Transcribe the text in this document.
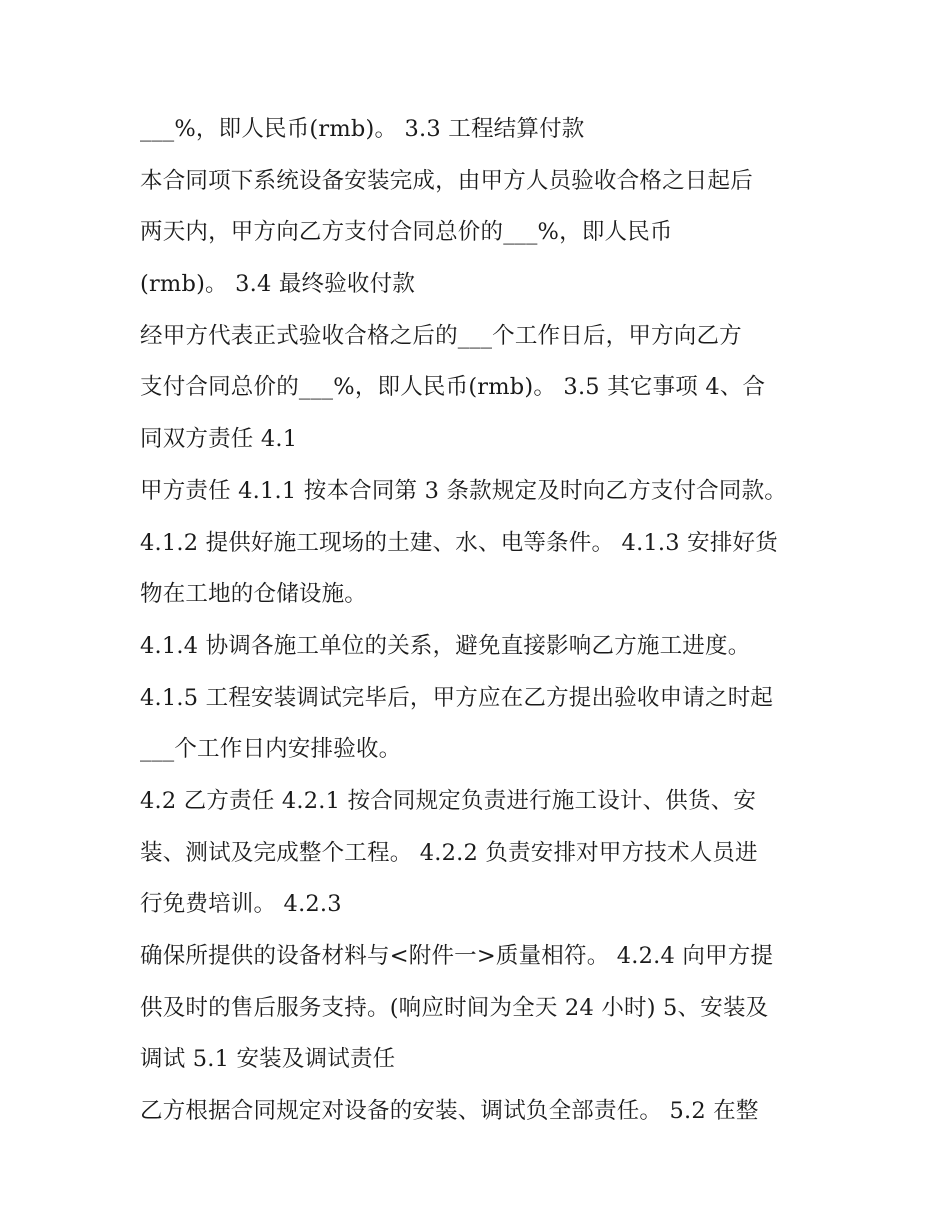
___%，即人民币(rmb)。 3.3 工程结算付款
本合同项下系统设备安装完成，由甲方人员验收合格之日起后
两天内，甲方向乙方支付合同总价的___%，即人民币
(rmb)。 3.4 最终验收付款
经甲方代表正式验收合格之后的___个工作日后，甲方向乙方
支付合同总价的___%，即人民币(rmb)。 3.5 其它事项 4、合
同双方责任 4.1
甲方责任 4.1.1 按本合同第 3 条款规定及时向乙方支付合同款。
4.1.2 提供好施工现场的土建、水、电等条件。 4.1.3 安排好货
物在工地的仓储设施。
4.1.4 协调各施工单位的关系，避免直接影响乙方施工进度。
4.1.5 工程安装调试完毕后，甲方应在乙方提出验收申请之时起
___个工作日内安排验收。
4.2 乙方责任 4.2.1 按合同规定负责进行施工设计、供货、安
装、测试及完成整个工程。 4.2.2 负责安排对甲方技术人员进
行免费培训。 4.2.3
确保所提供的设备材料与<附件一>质量相符。 4.2.4 向甲方提
供及时的售后服务支持。(响应时间为全天 24 小时) 5、安装及
调试 5.1 安装及调试责任
乙方根据合同规定对设备的安装、调试负全部责任。 5.2 在整
